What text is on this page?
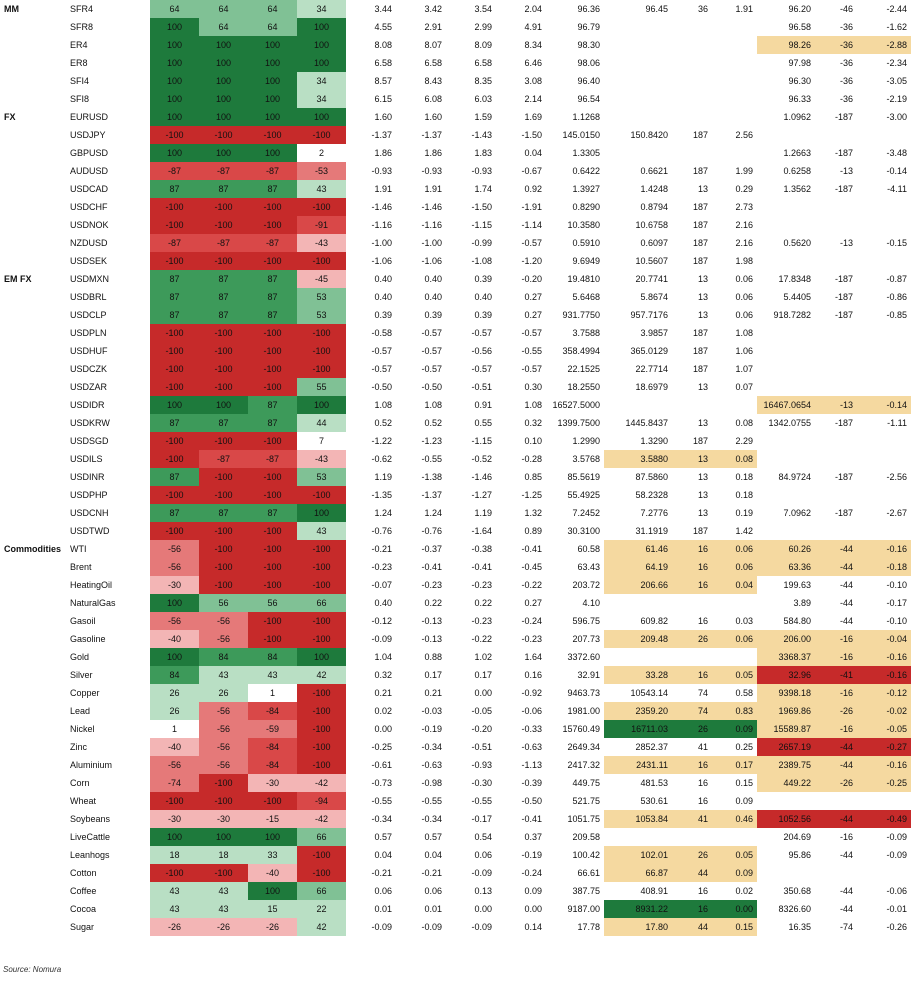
MM	SFR4	64	64	64	34	3.44	3.42	3.54	2.04	96.36	96.45	36	1.91	96.20	-46	-2.44
	SFR8	100	64	64	100	4.55	2.91	2.99	4.91	96.79				96.58	-36	-1.62
	ER4	100	100	100	100	8.08	8.07	8.09	8.34	98.30				98.26	-36	-2.88
	ER8	100	100	100	100	6.58	6.58	6.58	6.46	98.06				97.98	-36	-2.34
	SFI4	100	100	100	34	8.57	8.43	8.35	3.08	96.40				96.30	-36	-3.05
	SFI8	100	100	100	34	6.15	6.08	6.03	2.14	96.54				96.33	-36	-2.19
FX	EURUSD	100	100	100	100	1.60	1.60	1.59	1.69	1.1268				1.0962	-187	-3.00
	USDJPY	-100	-100	-100	-100	-1.37	-1.37	-1.43	-1.50	145.0150	150.8420	187	2.56			
	GBPUSD	100	100	100	2	1.86	1.86	1.83	0.04	1.3305				1.2663	-187	-3.48
	AUDUSD	-87	-87	-87	-53	-0.93	-0.93	-0.93	-0.67	0.6422	0.6621	187	1.99	0.6258	-13	-0.14
	USDCAD	87	87	87	43	1.91	1.91	1.74	0.92	1.3927	1.4248	13	0.29	1.3562	-187	-4.11
	USDCHF	-100	-100	-100	-100	-1.46	-1.46	-1.50	-1.91	0.8290	0.8794	187	2.73			
	USDNOK	-100	-100	-100	-91	-1.16	-1.16	-1.15	-1.14	10.3580	10.6758	187	2.16			
	NZDUSD	-87	-87	-87	-43	-1.00	-1.00	-0.99	-0.57	0.5910	0.6097	187	2.16	0.5620	-13	-0.15
	USDSEK	-100	-100	-100	-100	-1.06	-1.06	-1.08	-1.20	9.6949	10.5607	187	1.98			
EM FX	USDMXN	87	87	87	-45	0.40	0.40	0.39	-0.20	19.4810	20.7741	13	0.06	17.8348	-187	-0.87
	USDBRL	87	87	87	53	0.40	0.40	0.40	0.27	5.6468	5.8674	13	0.06	5.4405	-187	-0.86
	USDCLP	87	87	87	53	0.39	0.39	0.39	0.27	931.7750	957.7176	13	0.06	918.7282	-187	-0.85
	USDPLN	-100	-100	-100	-100	-0.58	-0.57	-0.57	-0.57	3.7588	3.9857	187	1.08			
	USDHUF	-100	-100	-100	-100	-0.57	-0.57	-0.56	-0.55	358.4994	365.0129	187	1.06			
	USDCZK	-100	-100	-100	-100	-0.57	-0.57	-0.57	-0.57	22.1525	22.7714	187	1.07			
	USDZAR	-100	-100	-100	55	-0.50	-0.50	-0.51	0.30	18.2550	18.6979	13	0.07			
	USDIDR	100	100	87	100	1.08	1.08	0.91	1.08	16527.5000				16467.0654	-13	-0.14
	USDKRW	87	87	87	44	0.52	0.52	0.55	0.32	1399.7500	1445.8437	13	0.08	1342.0755	-187	-1.11
	USDSGD	-100	-100	-100	7	-1.22	-1.23	-1.15	0.10	1.2990	1.3290	187	2.29			
	USDILS	-100	-87	-87	-43	-0.62	-0.55	-0.52	-0.28	3.5768	3.5880	13	0.08			
	USDINR	87	-100	-100	53	1.19	-1.38	-1.46	0.85	85.5619	87.5860	13	0.18	84.9724	-187	-2.56
	USDPHP	-100	-100	-100	-100	-1.35	-1.37	-1.27	-1.25	55.4925	58.2328	13	0.18			
	USDCNH	87	87	87	100	1.24	1.24	1.19	1.32	7.2452	7.2776	13	0.19	7.0962	-187	-2.67
	USDTWD	-100	-100	-100	43	-0.76	-0.76	-1.64	0.89	30.3100	31.1919	187	1.42			
Commodities	WTI	-56	-100	-100	-100	-0.21	-0.37	-0.38	-0.41	60.58	61.46	16	0.06	60.26	-44	-0.16
	Brent	-56	-100	-100	-100	-0.23	-0.41	-0.41	-0.45	63.43	64.19	16	0.06	63.36	-44	-0.18
	HeatingOil	-30	-100	-100	-100	-0.07	-0.23	-0.23	-0.22	203.72	206.66	16	0.04	199.63	-44	-0.10
	NaturalGas	100	56	56	66	0.40	0.22	0.22	0.27	4.10				3.89	-44	-0.17
	Gasoil	-56	-56	-100	-100	-0.12	-0.13	-0.23	-0.24	596.75	609.82	16	0.03	584.80	-44	-0.10
	Gasoline	-40	-56	-100	-100	-0.09	-0.13	-0.22	-0.23	207.73	209.48	26	0.06	206.00	-16	-0.04
	Gold	100	84	84	100	1.04	0.88	1.02	1.64	3372.60				3368.37	-16	-0.16
	Silver	84	43	43	42	0.32	0.17	0.17	0.16	32.91	33.28	16	0.05	32.96	-41	-0.16
	Copper	26	26	1	-100	0.21	0.21	0.00	-0.92	9463.73	10543.14	74	0.58	9398.18	-16	-0.12
	Lead	26	-56	-84	-100	0.02	-0.03	-0.05	-0.06	1981.00	2359.20	74	0.83	1969.86	-26	-0.02
	Nickel	1	-56	-59	-100	0.00	-0.19	-0.20	-0.33	15760.49	16711.03	26	0.09	15589.87	-16	-0.05
	Zinc	-40	-56	-84	-100	-0.25	-0.34	-0.51	-0.63	2649.34	2852.37	41	0.25	2657.19	-44	-0.27
	Aluminium	-56	-56	-84	-100	-0.61	-0.63	-0.93	-1.13	2417.32	2431.11	16	0.17	2389.75	-44	-0.16
	Corn	-74	-100	-30	-42	-0.73	-0.98	-0.30	-0.39	449.75	481.53	16	0.15	449.22	-26	-0.25
	Wheat	-100	-100	-100	-94	-0.55	-0.55	-0.55	-0.50	521.75	530.61	16	0.09			
	Soybeans	-30	-30	-15	-42	-0.34	-0.34	-0.17	-0.41	1051.75	1053.84	41	0.46	1052.56	-44	-0.49
	LiveCattle	100	100	100	66	0.57	0.57	0.54	0.37	209.58				204.69	-16	-0.09
	Leanhogs	18	18	33	-100	0.04	0.04	0.06	-0.19	100.42	102.01	26	0.05	95.86	-44	-0.09
	Cotton	-100	-100	-40	-100	-0.21	-0.21	-0.09	-0.24	66.61	66.87	44	0.09			
	Coffee	43	43	100	66	0.06	0.06	0.13	0.09	387.75	408.91	16	0.02	350.68	-44	-0.06
	Cocoa	43	43	15	22	0.01	0.01	0.00	0.00	9187.00	8931.22	16	0.00	8326.60	-44	-0.01
	Sugar	-26	-26	-26	42	-0.09	-0.09	-0.09	0.14	17.78	17.80	44	0.15	16.35	-74	-0.26
Source: Nomura
